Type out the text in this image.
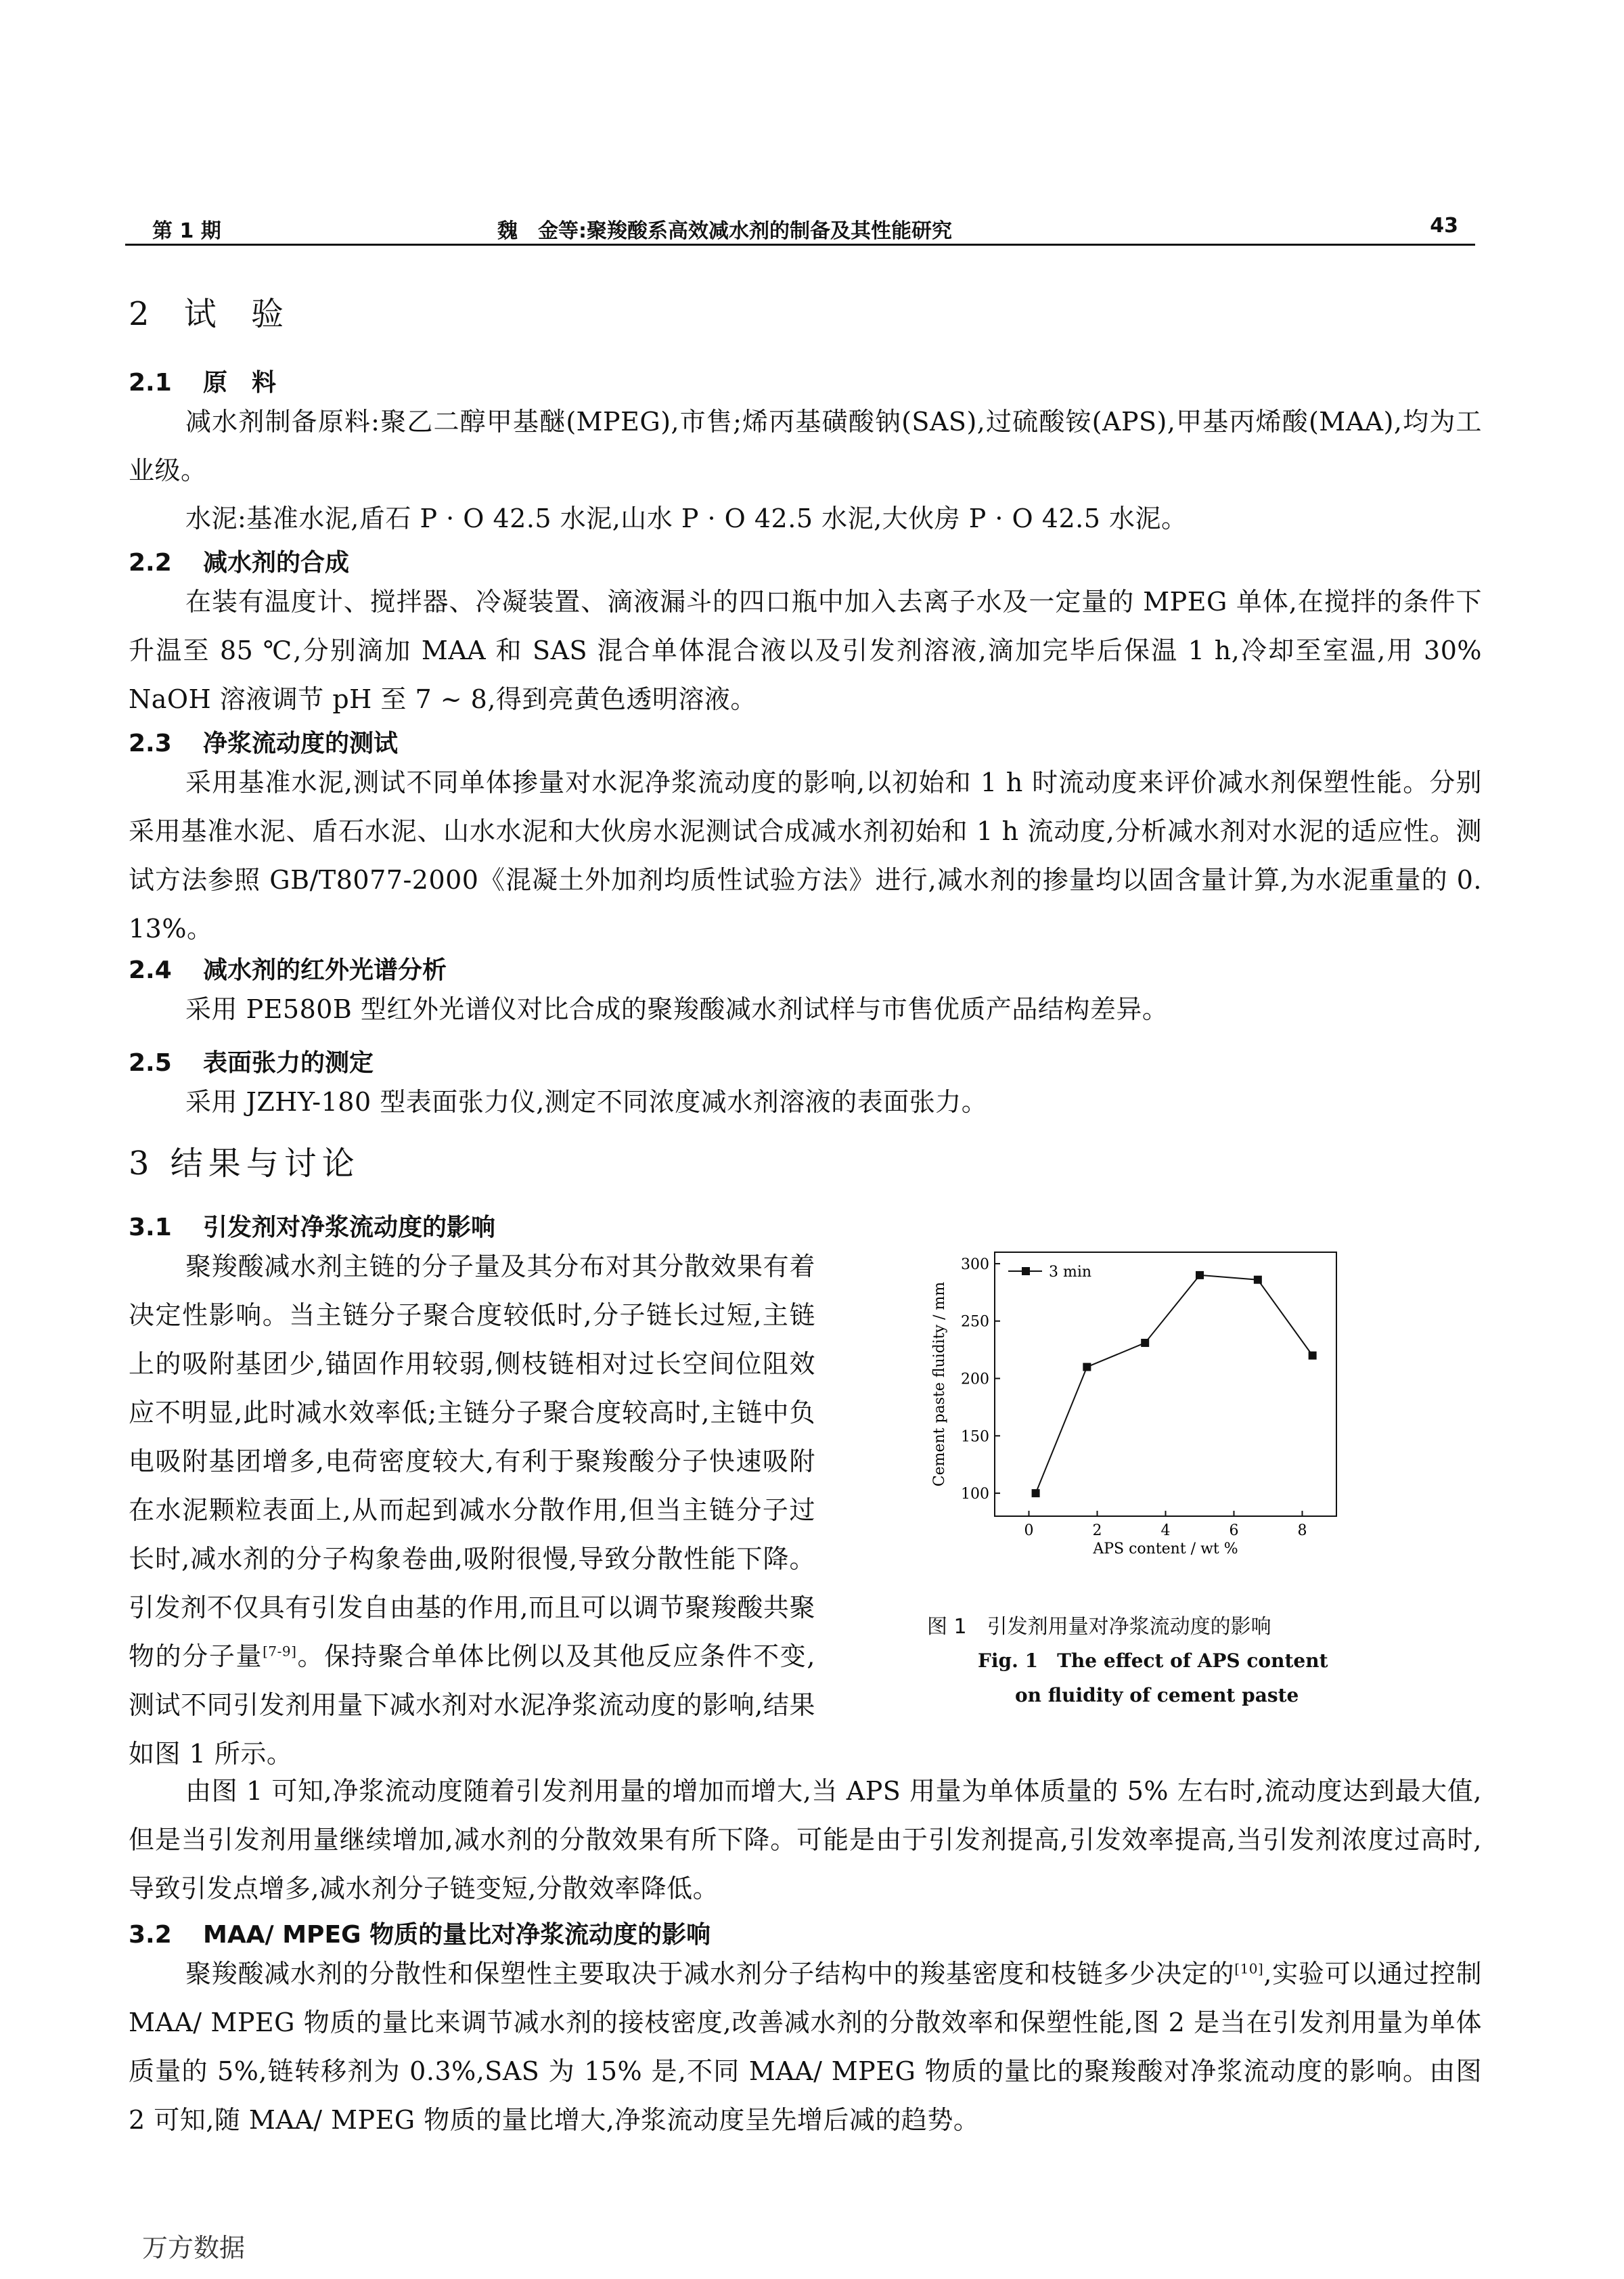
第 1 期	魏　金等:聚羧酸系高效减水剂的制备及其性能研究	43
2 试 验
2.1 原　料
减水剂制备原料:聚乙二醇甲基醚(MPEG),市售;烯丙基磺酸钠(SAS),过硫酸铵(APS),甲基丙烯酸(MAA),均为工业级。
水泥:基准水泥,盾石 P · O 42.5 水泥,山水 P · O 42.5 水泥,大伙房 P · O 42.5 水泥。
2.2 减水剂的合成
在装有温度计、搅拌器、冷凝装置、滴液漏斗的四口瓶中加入去离子水及一定量的 MPEG 单体,在搅拌的条件下升温至 85 ℃,分别滴加 MAA 和 SAS 混合单体混合液以及引发剂溶液,滴加完毕后保温 1 h,冷却至室温,用 30% NaOH 溶液调节 pH 至 7 ~ 8,得到亮黄色透明溶液。
2.3 净浆流动度的测试
采用基准水泥,测试不同单体掺量对水泥净浆流动度的影响,以初始和 1 h 时流动度来评价减水剂保塑性能。分别采用基准水泥、盾石水泥、山水水泥和大伙房水泥测试合成减水剂初始和 1 h 流动度,分析减水剂对水泥的适应性。测试方法参照 GB/T8077-2000《混凝土外加剂均质性试验方法》进行,减水剂的掺量均以固含量计算,为水泥重量的 0. 13%。
2.4 减水剂的红外光谱分析
采用 PE580B 型红外光谱仪对比合成的聚羧酸减水剂试样与市售优质产品结构差异。
2.5 表面张力的测定
采用 JZHY-180 型表面张力仪,测定不同浓度减水剂溶液的表面张力。
3 结果与讨论
3.1 引发剂对净浆流动度的影响
聚羧酸减水剂主链的分子量及其分布对其分散效果有着决定性影响。当主链分子聚合度较低时,分子链长过短,主链上的吸附基团少,锚固作用较弱,侧枝链相对过长空间位阻效应不明显,此时减水效率低;主链分子聚合度较高时,主链中负电吸附基团增多,电荷密度较大,有利于聚羧酸分子快速吸附在水泥颗粒表面上,从而起到减水分散作用,但当主链分子过长时,减水剂的分子构象卷曲,吸附很慢,导致分散性能下降。引发剂不仅具有引发自由基的作用,而且可以调节聚羧酸共聚物的分子量[7-9]。保持聚合单体比例以及其他反应条件不变,测试不同引发剂用量下减水剂对水泥净浆流动度的影响,结果如图 1 所示。
100
150
200
250
300
0	2	4	6	8
APS content / wt %
Cement paste fluidity / mm
3 min
图 1　引发剂用量对净浆流动度的影响
Fig. 1　The effect of APS content
on fluidity of cement paste
由图 1 可知,净浆流动度随着引发剂用量的增加而增大,当 APS 用量为单体质量的 5% 左右时,流动度达到最大值,但是当引发剂用量继续增加,减水剂的分散效果有所下降。可能是由于引发剂提高,引发效率提高,当引发剂浓度过高时,导致引发点增多,减水剂分子链变短,分散效率降低。
3.2 MAA/ MPEG 物质的量比对净浆流动度的影响
聚羧酸减水剂的分散性和保塑性主要取决于减水剂分子结构中的羧基密度和枝链多少决定的[10],实验可以通过控制 MAA/ MPEG 物质的量比来调节减水剂的接枝密度,改善减水剂的分散效率和保塑性能,图 2 是当在引发剂用量为单体质量的 5%,链转移剂为 0.3%,SAS 为 15% 是,不同 MAA/ MPEG 物质的量比的聚羧酸对净浆流动度的影响。由图 2 可知,随 MAA/ MPEG 物质的量比增大,净浆流动度呈先增后减的趋势。
万方数据
